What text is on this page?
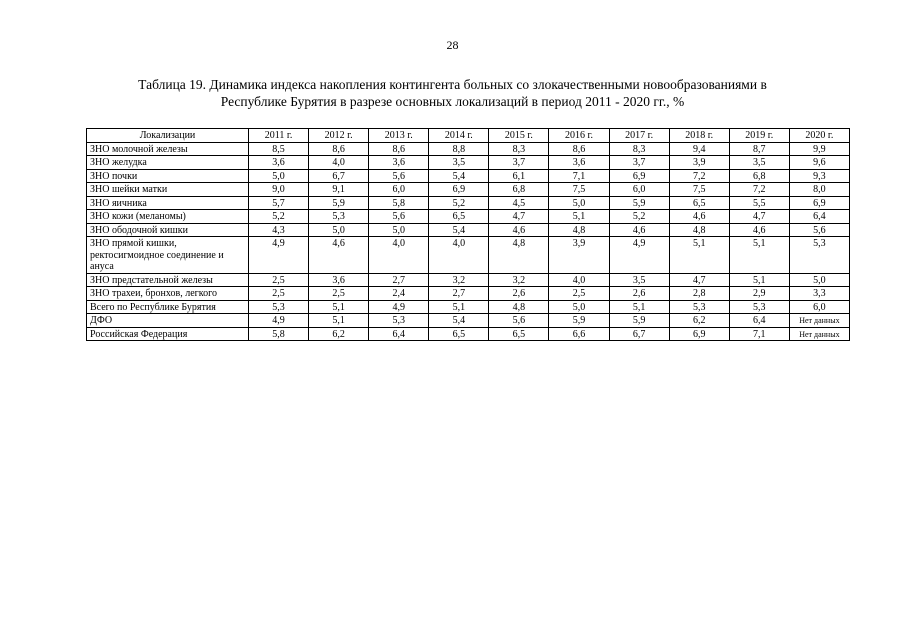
28
Таблица 19. Динамика индекса накопления контингента больных со злокачественными новообразованиями в
Республике Бурятия в разрезе основных локализаций в период 2011 - 2020 гг., %
Локализации	2011 г.	2012 г.	2013 г.	2014 г.	2015 г.	2016 г.	2017 г.	2018 г.	2019 г.	2020 г.
ЗНО молочной железы	8,5	8,6	8,6	8,8	8,3	8,6	8,3	9,4	8,7	9,9
ЗНО желудка	3,6	4,0	3,6	3,5	3,7	3,6	3,7	3,9	3,5	9,6
ЗНО почки	5,0	6,7	5,6	5,4	6,1	7,1	6,9	7,2	6,8	9,3
ЗНО шейки матки	9,0	9,1	6,0	6,9	6,8	7,5	6,0	7,5	7,2	8,0
ЗНО яичника	5,7	5,9	5,8	5,2	4,5	5,0	5,9	6,5	5,5	6,9
ЗНО кожи (меланомы)	5,2	5,3	5,6	6,5	4,7	5,1	5,2	4,6	4,7	6,4
ЗНО ободочной кишки	4,3	5,0	5,0	5,4	4,6	4,8	4,6	4,8	4,6	5,6
ЗНО прямой кишки, ректосигмоидное соединение и ануса	4,9	4,6	4,0	4,0	4,8	3,9	4,9	5,1	5,1	5,3
ЗНО предстательной железы	2,5	3,6	2,7	3,2	3,2	4,0	3,5	4,7	5,1	5,0
ЗНО трахеи, бронхов, легкого	2,5	2,5	2,4	2,7	2,6	2,5	2,6	2,8	2,9	3,3
Всего по Республике Бурятия	5,3	5,1	4,9	5,1	4,8	5,0	5,1	5,3	5,3	6,0
ДФО	4,9	5,1	5,3	5,4	5,6	5,9	5,9	6,2	6,4	Нет данных
Российская Федерация	5,8	6,2	6,4	6,5	6,5	6,6	6,7	6,9	7,1	Нет данных
